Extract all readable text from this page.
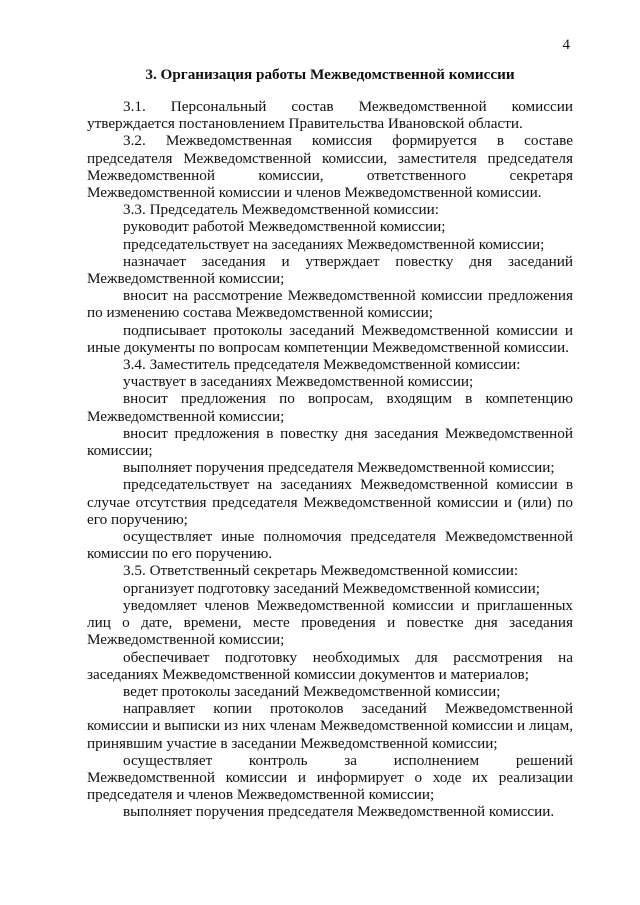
4
3. Организация работы Межведомственной комиссии

3.1. Персональный состав Межведомственной комиссии утверждается постановлением Правительства Ивановской области.

3.2. Межведомственная комиссия формируется в составе председателя Межведомственной комиссии, заместителя председателя Межведомственной комиссии, ответственного секретаря Межведомственной комиссии и членов Межведомственной комиссии.

3.3. Председатель Межведомственной комиссии:

руководит работой Межведомственной комиссии;

председательствует на заседаниях Межведомственной комиссии;

назначает заседания и утверждает повестку дня заседаний Межведомственной комиссии;

вносит на рассмотрение Межведомственной комиссии предложения по изменению состава Межведомственной комиссии;

подписывает протоколы заседаний Межведомственной комиссии и иные документы по вопросам компетенции Межведомственной комиссии.

3.4. Заместитель председателя Межведомственной комиссии:

участвует в заседаниях Межведомственной комиссии;

вносит предложения по вопросам, входящим в компетенцию Межведомственной комиссии;

вносит предложения в повестку дня заседания Межведомственной комиссии;

выполняет поручения председателя Межведомственной комиссии;

председательствует на заседаниях Межведомственной комиссии в случае отсутствия председателя Межведомственной комиссии и (или) по его поручению;

осуществляет иные полномочия председателя Межведомственной комиссии по его поручению.

3.5. Ответственный секретарь Межведомственной комиссии:

организует подготовку заседаний Межведомственной комиссии;

уведомляет членов Межведомственной комиссии и приглашенных лиц о дате, времени, месте проведения и повестке дня заседания Межведомственной комиссии;

обеспечивает подготовку необходимых для рассмотрения на заседаниях Межведомственной комиссии документов и материалов;

ведет протоколы заседаний Межведомственной комиссии;

направляет копии протоколов заседаний Межведомственной комиссии и выписки из них членам Межведомственной комиссии и лицам, принявшим участие в заседании Межведомственной комиссии;

осуществляет контроль за исполнением решений Межведомственной комиссии и информирует о ходе их реализации председателя и членов Межведомственной комиссии;

выполняет поручения председателя Межведомственной комиссии.
